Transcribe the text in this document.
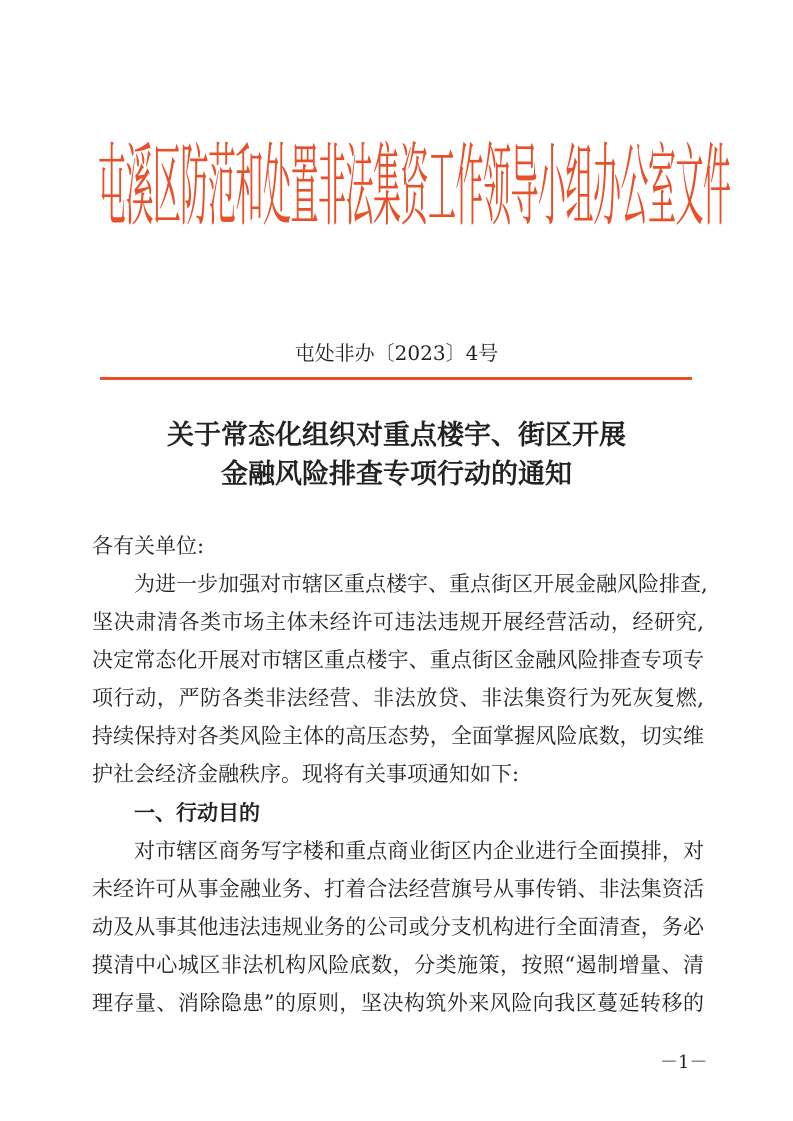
屯溪区防范和处置非法集资工作领导小组办公室文件
屯处非办〔2023〕4号
关于常态化组织对重点楼宇、街区开展
金融风险排查专项行动的通知
各有关单位:
为进一步加强对市辖区重点楼宇、重点街区开展金融风险排查,
坚决肃清各类市场主体未经许可违法违规开展经营活动，经研究,
决定常态化开展对市辖区重点楼宇、重点街区金融风险排查专项专
项行动，严防各类非法经营、非法放贷、非法集资行为死灰复燃,
持续保持对各类风险主体的高压态势，全面掌握风险底数，切实维
护社会经济金融秩序。现将有关事项通知如下:
一、行动目的
对市辖区商务写字楼和重点商业街区内企业进行全面摸排，对
未经许可从事金融业务、打着合法经营旗号从事传销、非法集资活
动及从事其他违法违规业务的公司或分支机构进行全面清查，务必
摸清中心城区非法机构风险底数，分类施策，按照“遏制增量、清
理存量、消除隐患”的原则，坚决构筑外来风险向我区蔓延转移的
－1－
